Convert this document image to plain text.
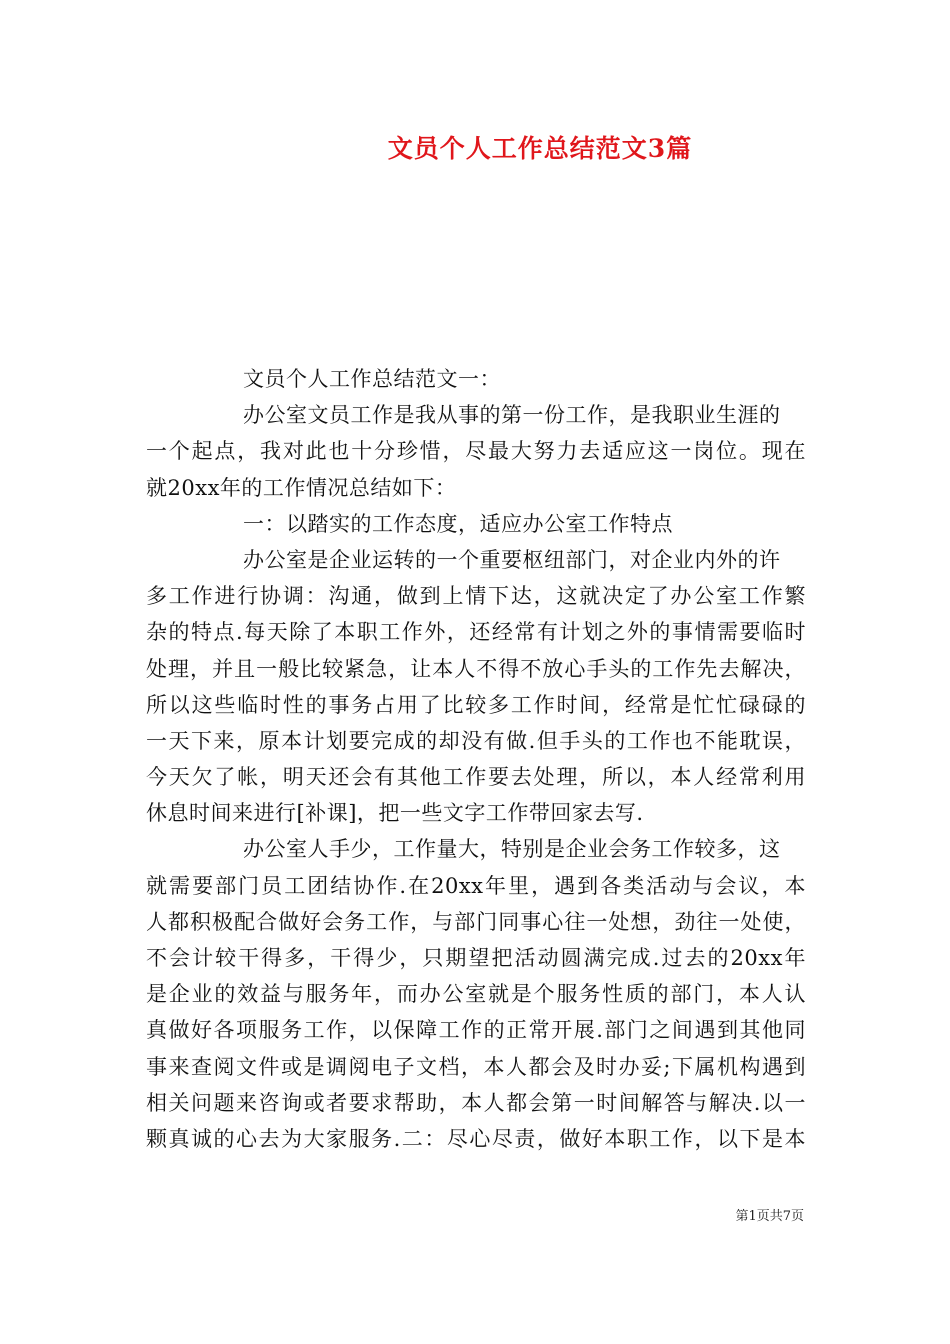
文员个人工作总结范文3篇
文员个人工作总结范文一：
办公室文员工作是我从事的第一份工作，是我职业生涯的
一个起点，我对此也十分珍惜，尽最大努力去适应这一岗位。现在
就20xx年的工作情况总结如下：
一：以踏实的工作态度，适应办公室工作特点
办公室是企业运转的一个重要枢纽部门，对企业内外的许
多工作进行协调：沟通，做到上情下达，这就决定了办公室工作繁
杂的特点.每天除了本职工作外，还经常有计划之外的事情需要临时
处理，并且一般比较紧急，让本人不得不放心手头的工作先去解决，
所以这些临时性的事务占用了比较多工作时间，经常是忙忙碌碌的
一天下来，原本计划要完成的却没有做.但手头的工作也不能耽误，
今天欠了帐，明天还会有其他工作要去处理，所以，本人经常利用
休息时间来进行[补课]，把一些文字工作带回家去写.
办公室人手少，工作量大，特别是企业会务工作较多，这
就需要部门员工团结协作.在20xx年里，遇到各类活动与会议，本
人都积极配合做好会务工作，与部门同事心往一处想，劲往一处使，
不会计较干得多，干得少，只期望把活动圆满完成.过去的20xx年
是企业的效益与服务年，而办公室就是个服务性质的部门，本人认
真做好各项服务工作，以保障工作的正常开展.部门之间遇到其他同
事来查阅文件或是调阅电子文档，本人都会及时办妥;下属机构遇到
相关问题来咨询或者要求帮助，本人都会第一时间解答与解决.以一
颗真诚的心去为大家服务.二：尽心尽责，做好本职工作，以下是本
第1页共7页
